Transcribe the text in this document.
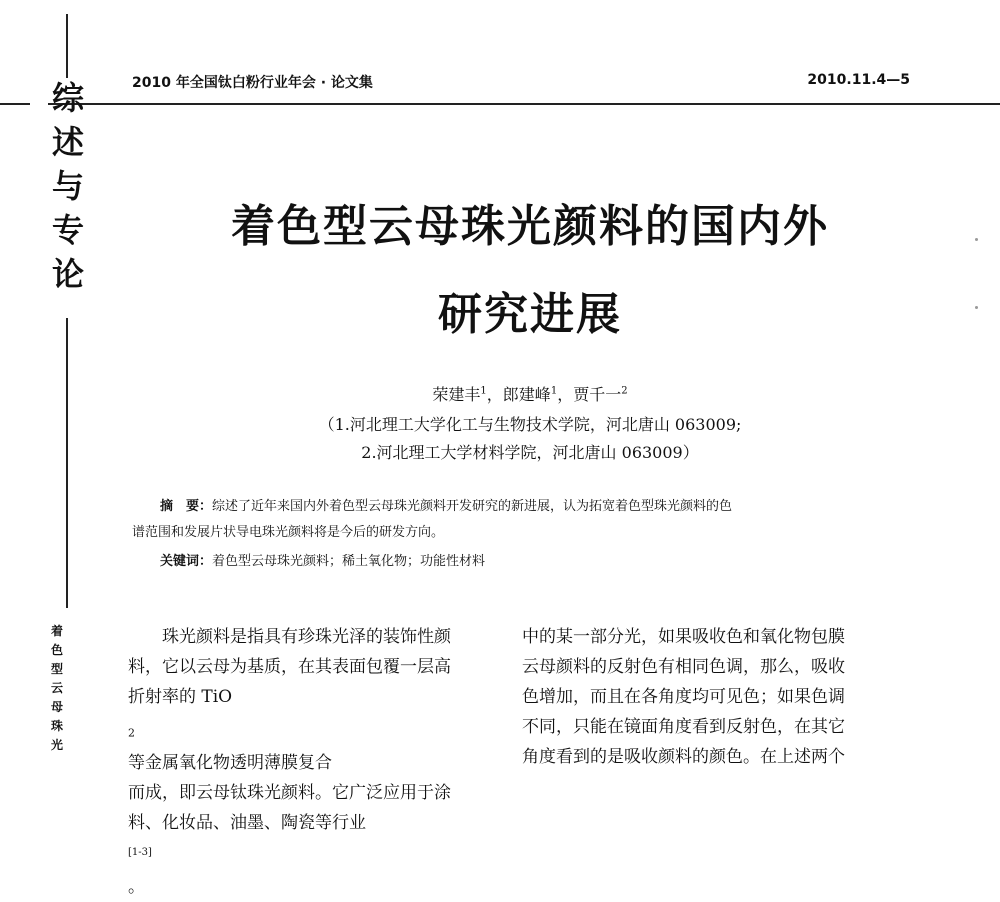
综
述
与
专
论
着
色
型
云
母
珠
光
2010 年全国钛白粉行业年会 · 论文集	2010.11.4—5
着色型云母珠光颜料的国内外
研究进展
荣建丰$^1$，郎建峰$^1$，贾千一$^2$
（1.河北理工大学化工与生物技术学院，河北唐山 063009;
2.河北理工大学材料学院，河北唐山 063009）
摘　要：综述了近年来国内外着色型云母珠光颜料开发研究的新进展，认为拓宽着色型珠光颜料的色
谱范围和发展片状导电珠光颜料将是今后的研发方向。
关键词：着色型云母珠光颜料；稀土氧化物；功能性材料
　　珠光颜料是指具有珍珠光泽的装饰性颜
料，它以云母为基质，在其表面包覆一层高
折射率的 TiO
$_2$
等金属氧化物透明薄膜复合
而成，即云母钛珠光颜料。它广泛应用于涂
料、化妆品、油墨、陶瓷等行业
[1-3]
。
中的某一部分光，如果吸收色和氧化物包膜
云母颜料的反射色有相同色调，那么，吸收
色增加，而且在各角度均可见色；如果色调
不同，只能在镜面角度看到反射色，在其它
角度看到的是吸收颜料的颜色。在上述两个
